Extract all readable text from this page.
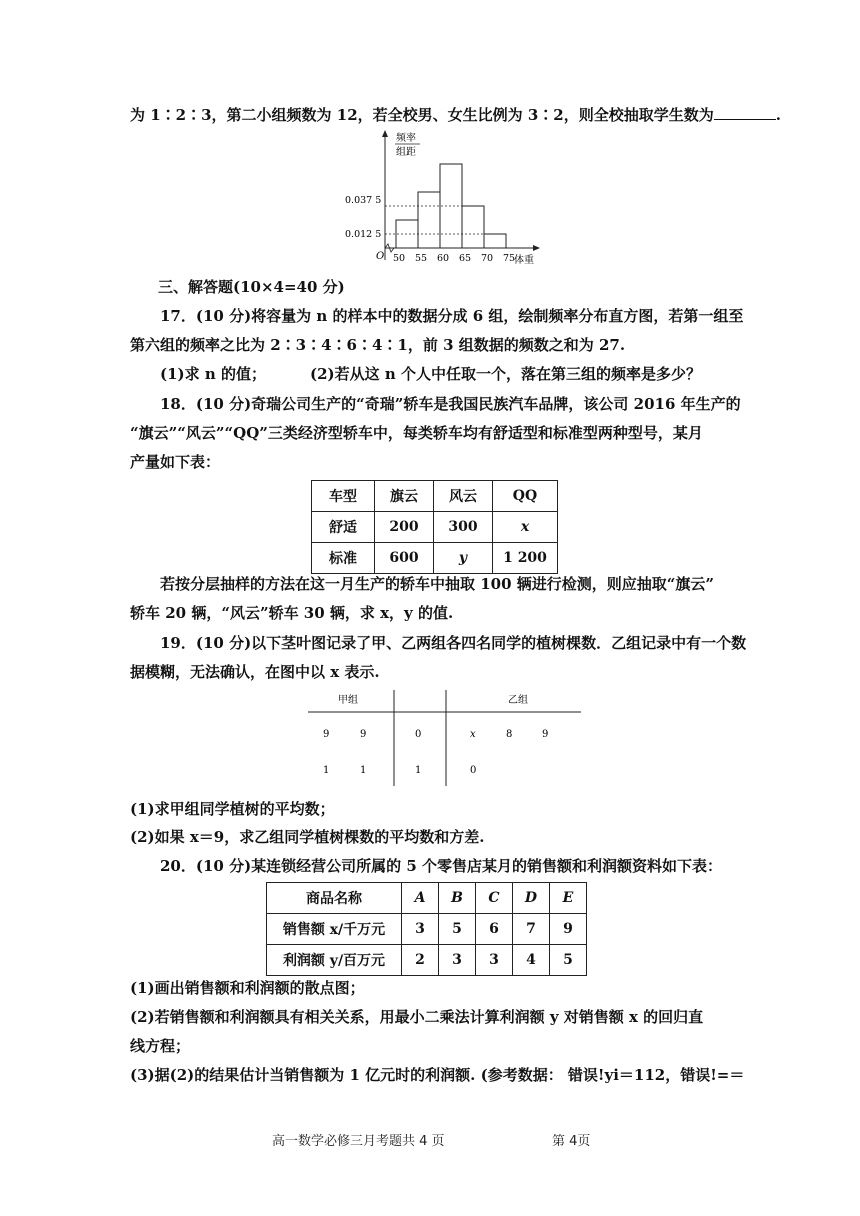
为 1∶2∶3，第二小组频数为 12，若全校男、女生比例为 3∶2，则全校抽取学生数为	.
频率
组距
O
0.037 5
0.012 5
50 55 60 65 70 75
体重
三、解答题(10×4=40 分)
17．(10 分)将容量为 n 的样本中的数据分成 6 组，绘制频率分布直方图，若第一组至
第六组的频率之比为 2∶3∶4∶6∶4∶1，前 3 组数据的频数之和为 27.
(1)求 n 的值；	(2)若从这 n 个人中任取一个，落在第三组的频率是多少？
18．(10 分)奇瑞公司生产的“奇瑞”轿车是我国民族汽车品牌，该公司 2016 年生产的
“旗云”“风云”“QQ”三类经济型轿车中，每类轿车均有舒适型和标准型两种型号，某月
产量如下表：
车型	旗云	风云	QQ
舒适	200	300	x
标准	600	y	1 200
若按分层抽样的方法在这一月生产的轿车中抽取 100 辆进行检测，则应抽取“旗云”
轿车 20 辆，“风云”轿车 30 辆，求 x，y 的值.
19．(10 分)以下茎叶图记录了甲、乙两组各四名同学的植树棵数．乙组记录中有一个数
据模糊，无法确认，在图中以 x 表示.
甲组	乙组
9	9	0	x	8	9
1	1	1	0
(1)求甲组同学植树的平均数；
(2)如果 x＝9，求乙组同学植树棵数的平均数和方差.
20．(10 分)某连锁经营公司所属的 5 个零售店某月的销售额和利润额资料如下表：
商品名称	A	B	C	D	E
销售额 x/千万元	3	5	6	7	9
利润额 y/百万元	2	3	3	4	5
(1)画出销售额和利润额的散点图；
(2)若销售额和利润额具有相关关系，用最小二乘法计算利润额 y 对销售额 x 的回归直
线方程；
(3)据(2)的结果估计当销售额为 1 亿元时的利润额. (参考数据： 错误!yi＝112，错误!=＝
高一数学必修三月考题共 4 页	第 4页
